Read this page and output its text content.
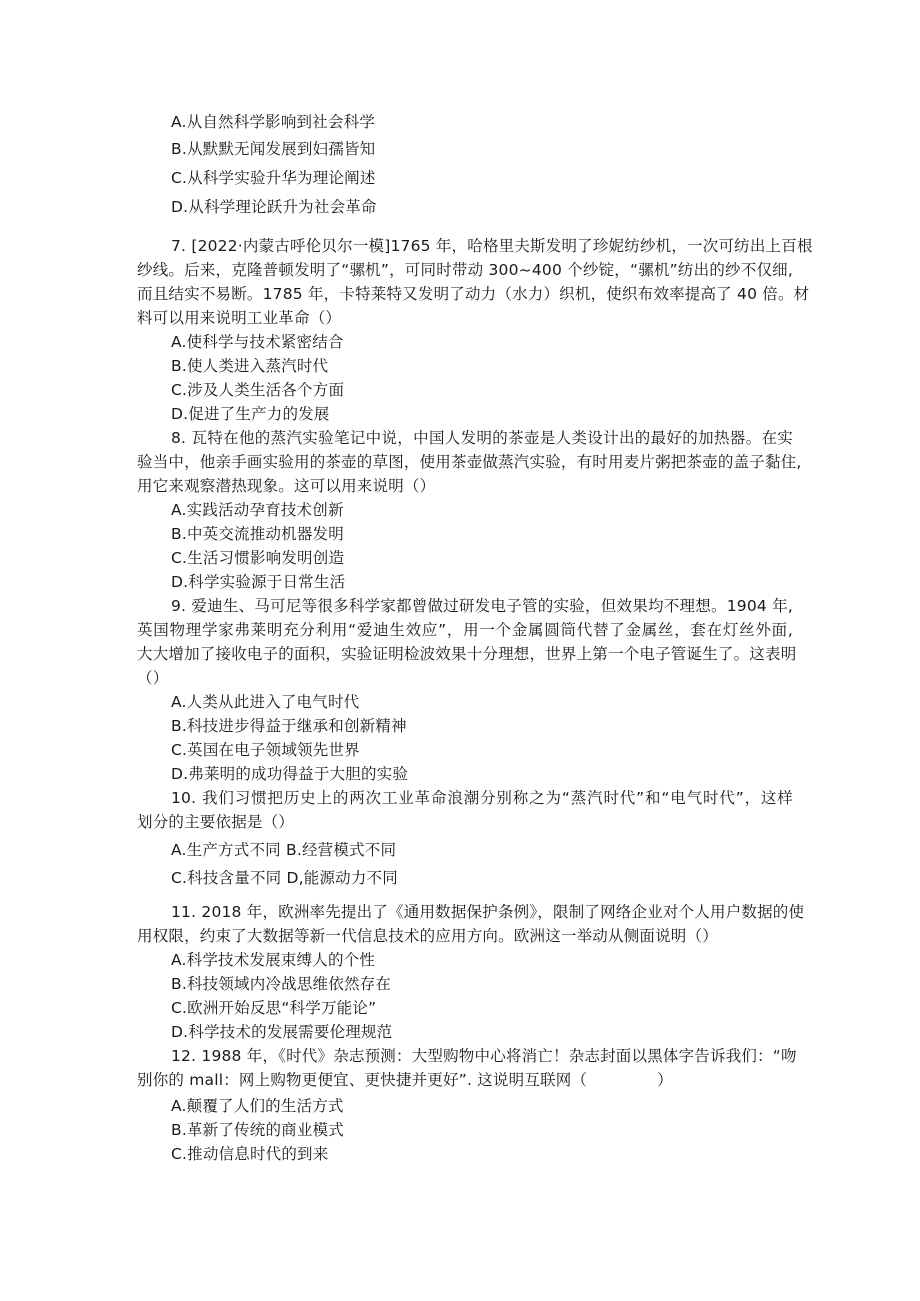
A.从自然科学影响到社会科学
B.从默默无闻发展到妇孺皆知
C.从科学实验升华为理论阐述
D.从科学理论跃升为社会革命
7. [2022·内蒙古呼伦贝尔一模]1765 年，哈格里夫斯发明了珍妮纺纱机，一次可纺出上百根
纱线。后来，克隆普顿发明了“骡机”，可同时带动 300~400 个纱锭，“骡机”纺出的纱不仅细,
而且结实不易断。1785 年，卡特莱特又发明了动力（水力）织机，使织布效率提高了 40 倍。材
料可以用来说明工业革命（）
A.使科学与技术紧密结合
B.使人类进入蒸汽时代
C.涉及人类生活各个方面
D.促进了生产力的发展
8. 瓦特在他的蒸汽实验笔记中说，中国人发明的茶壶是人类设计出的最好的加热器。在实
验当中，他亲手画实验用的茶壶的草图，使用茶壶做蒸汽实验，有时用麦片粥把茶壶的盖子黏住,
用它来观察潜热现象。这可以用来说明（）
A.实践活动孕育技术创新
B.中英交流推动机器发明
C.生活习惯影响发明创造
D.科学实验源于日常生活
9. 爱迪生、马可尼等很多科学家都曾做过研发电子管的实验，但效果均不理想。1904 年,
英国物理学家弗莱明充分利用“爱迪生效应”，用一个金属圆筒代替了金属丝，套在灯丝外面,
大大增加了接收电子的面积，实验证明检波效果十分理想，世界上第一个电子管诞生了。这表明
（）
A.人类从此进入了电气时代
B.科技进步得益于继承和创新精神
C.英国在电子领域领先世界
D.弗莱明的成功得益于大胆的实验
10. 我们习惯把历史上的两次工业革命浪潮分别称之为“蒸汽时代”和“电气时代”，这样
划分的主要依据是（）
A.生产方式不同 B.经营模式不同
C.科技含量不同 D,能源动力不同
11. 2018 年，欧洲率先提出了《通用数据保护条例》，限制了网络企业对个人用户数据的使
用权限，约束了大数据等新一代信息技术的应用方向。欧洲这一举动从侧面说明（）
A.科学技术发展束缚人的个性
B.科技领域内冷战思维依然存在
C.欧洲开始反思“科学万能论”
D.科学技术的发展需要伦理规范
12. 1988 年，《时代》杂志预测：大型购物中心将消亡！杂志封面以黑体字告诉我们：“吻
别你的 mall：网上购物更便宜、更快捷并更好”. 这说明互联网（	）
A.颠覆了人们的生活方式
B.革新了传统的商业模式
C.推动信息时代的到来
